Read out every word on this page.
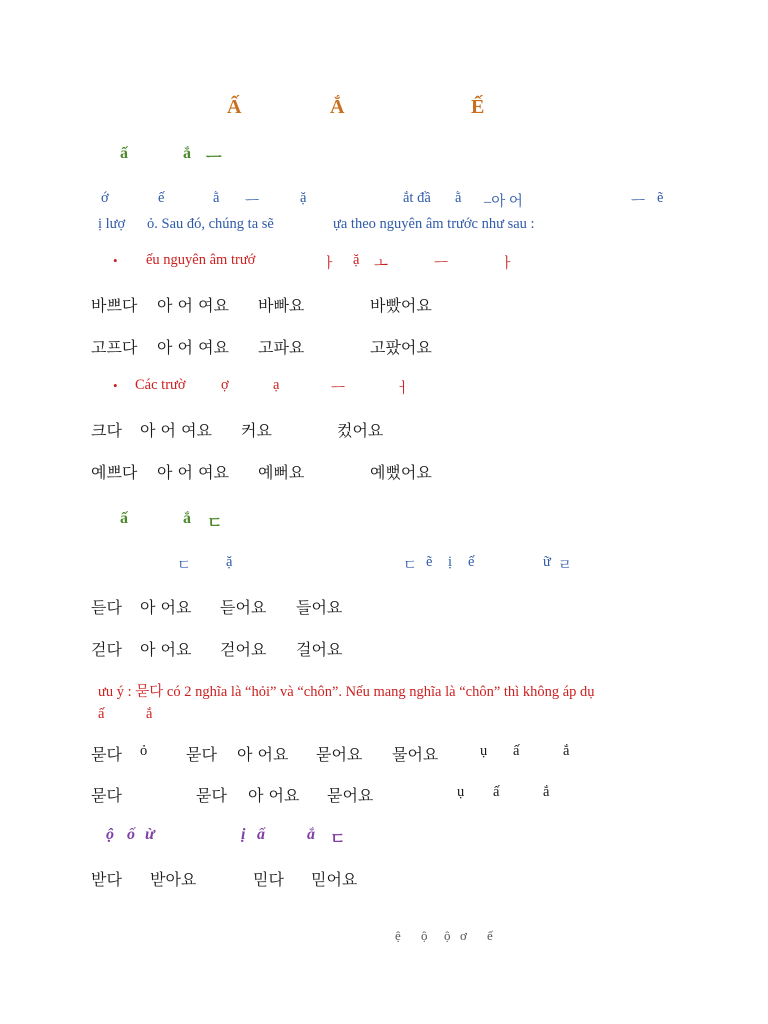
Ấ	Ắ	Ế
ấ	ắ ㅡ
ớ	ế	ằ ㅡ	ặ	ắt đầ ằ –아 어	ㅡ ẽ
ị lượ ỏ. Sau đó, chúng ta sẽ	ựa theo nguyên âm trước như sau :
• ếu nguyên âm trướ	ㅏ ặ ㅗ	ㅡ	ㅏ
바쁘다 아 어 여요 바빠요	바빴어요
고프다 아 어 여요 고파요	고팠어요
• Các trườ ợ	ạ	ㅡ	ㅓ
크다 아 어 여요 커요	컸어요
예쁘다 아 어 여요 예뻐요	예뻤어요
ấ	ắ ㄷ
ㄷ ặ	ㄷ ẽ ị ế	ữ ㄹ
듣다 아 어요 듣어요 들어요
걷다 아 어요 걷어요 걸어요
ưu ý : 묻다 có 2 nghĩa là “hỏi” và “chôn”. Nếu mang nghĩa là “chôn” thì không áp dụ
ấ	ắ
묻다 ỏ 묻다 아 어요 묻어요 물어요	ụ ấ	ắ
묻다	묻다 아 어요 묻어요	ụ ấ	ắ
ộ ố ừ	ị ấ	ắ ㄷ
받다 받아요	믿다 믿어요
ệ ộ ộ ơ ế
